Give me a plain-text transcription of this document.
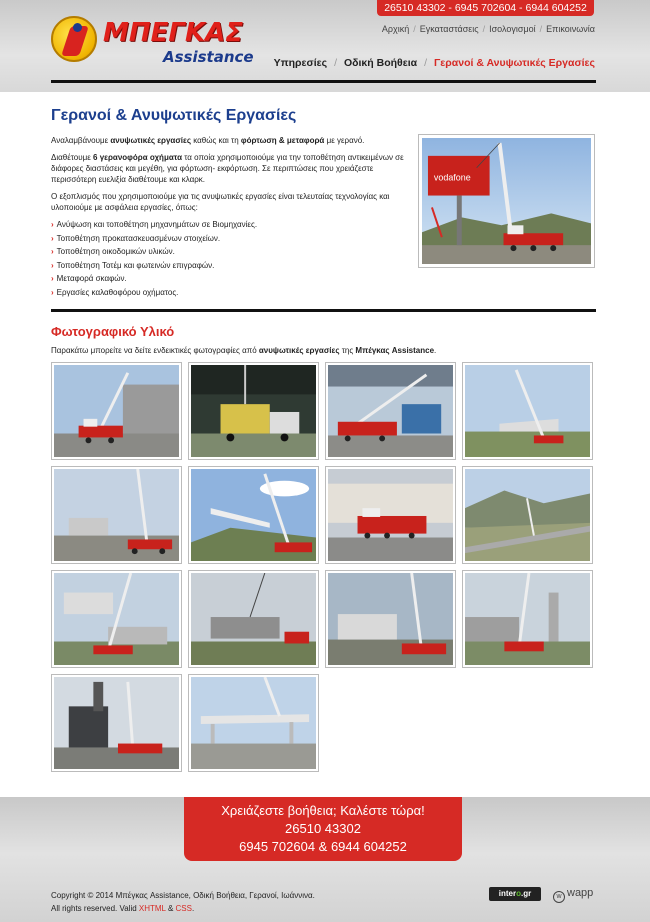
26510 43302 - 6945 702604 - 6944 604252
ΜΠΕΓΚΑΣ
Assistance
Αρχική / Εγκαταστάσεις / Ισολογισμοί / Επικοινωνία
Υπηρεσίες / Οδική Βοήθεια / Γερανοί & Ανυψωτικές Εργασίες
Γερανοί & Ανυψωτικές Εργασίες

Αναλαμβάνουμε ανυψωτικές εργασίες καθώς και τη φόρτωση & μεταφορά με γερανό.

Διαθέτουμε 6 γερανοφόρα οχήματα τα οποία χρησιμοποιούμε για την τοποθέτηση αντικειμένων σε διάφορες διαστάσεις και μεγέθη, για φόρτωση- εκφόρτωση. Σε περιπτώσεις που χρειάζεστε περισσότερη ευελιξία διαθέτουμε και κλαρκ.

Ο εξοπλισμός που χρησιμοποιούμε για τις ανυψωτικές εργασίες είναι τελευταίας τεχνολογίας και υλοποιούμε με ασφάλεια εργασίες, όπως:

› Ανύψωση και τοποθέτηση μηχανημάτων σε Βιομηχανίες.
› Τοποθέτηση προκατασκευασμένων στοιχείων.
› Τοποθέτηση οικοδομικών υλικών.
› Τοποθέτηση Τοτέμ και φωτεινών επιγραφών.
› Μεταφορά σκαφών.
› Εργασίες καλαθοφόρου οχήματος.
vodafone
Φωτογραφικό Υλικό

Παρακάτω μπορείτε να δείτε ενδεικτικές φωτογραφίες από ανυψωτικές εργασίες της Μπέγκας Assistance.

Χρειάζεστε βοήθεια; Καλέστε τώρα!
26510 43302
6945 702604 & 6944 604252
Copyright © 2014 Μπέγκας Assistance, Οδική Βοήθεια, Γερανοί, Ιωάννινα.
All rights reserved. Valid XHTML & CSS.
intero.gr	w wapp
